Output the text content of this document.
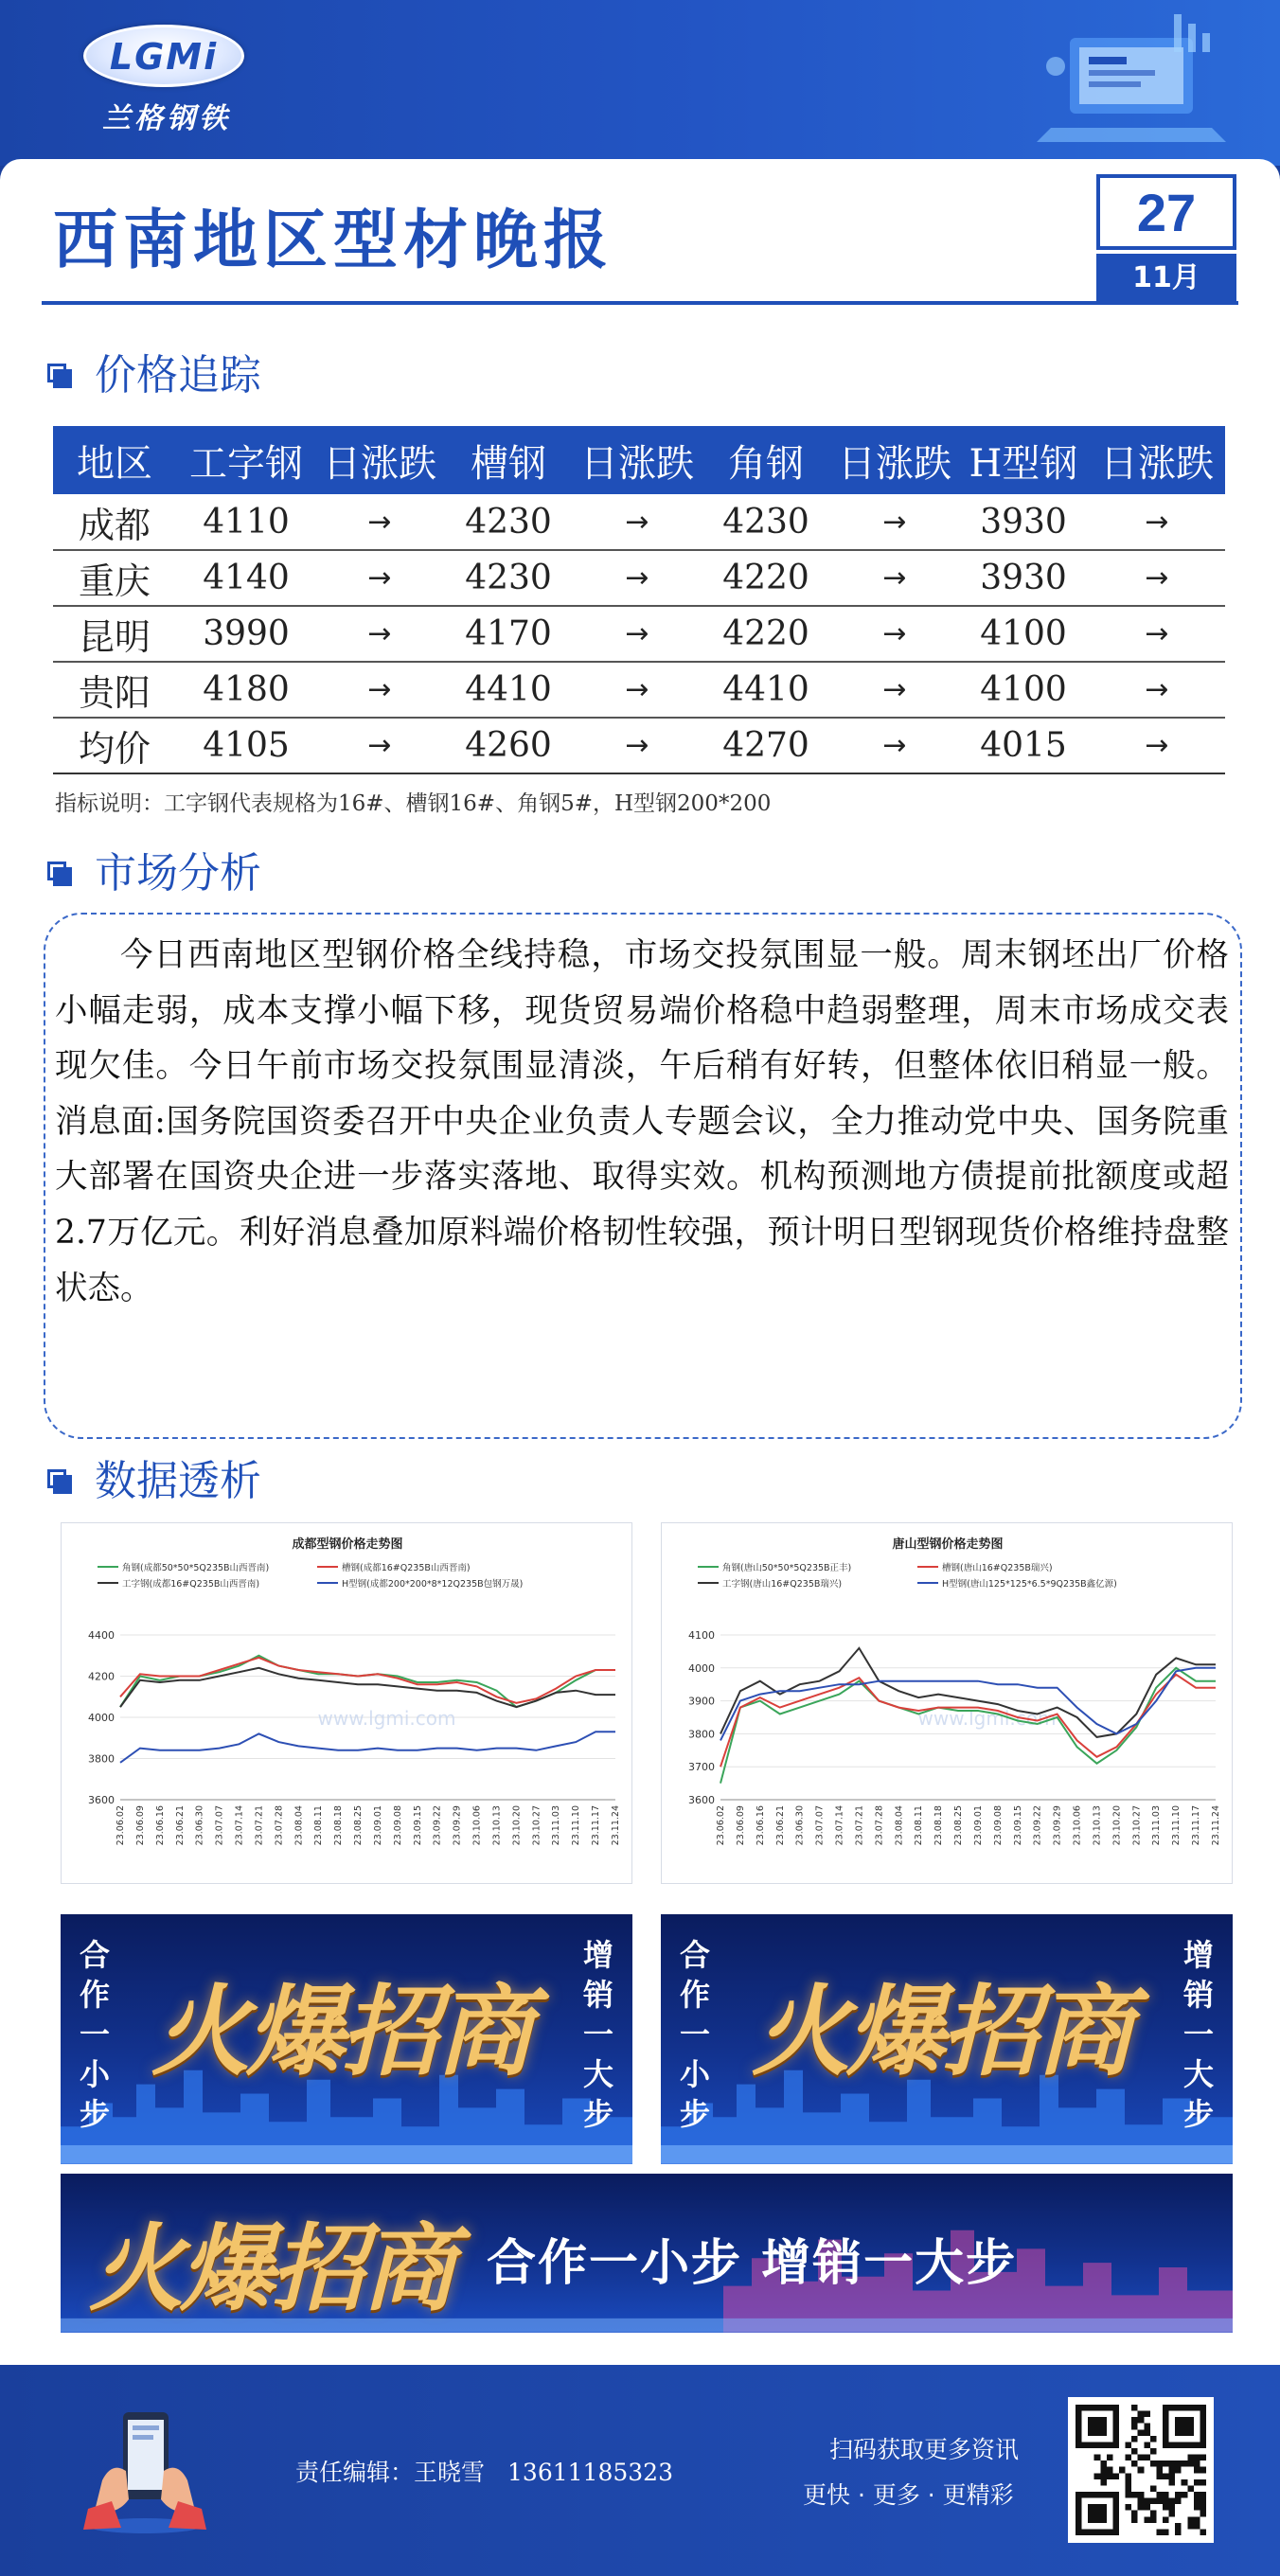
LGMi
兰格钢铁
西南地区型材晚报	27
11月
价格追踪
地区	工字钢	日涨跌	槽钢	日涨跌	角钢	日涨跌	H型钢	日涨跌
成都	4110	→	4230	→	4230	→	3930	→
重庆	4140	→	4230	→	4220	→	3930	→
昆明	3990	→	4170	→	4220	→	4100	→
贵阳	4180	→	4410	→	4410	→	4100	→
均价	4105	→	4260	→	4270	→	4015	→
指标说明：工字钢代表规格为16#、槽钢16#、角钢5#，H型钢200*200
市场分析

今日西南地区型钢价格全线持稳，市场交投氛围显一般。周末钢坯出厂价格小幅走弱，成本支撑小幅下移，现货贸易端价格稳中趋弱整理，周末市场成交表现欠佳。今日午前市场交投氛围显清淡，午后稍有好转，但整体依旧稍显一般。消息面:国务院国资委召开中央企业负责人专题会议，全力推动党中央、国务院重大部署在国资央企进一步落实落地、取得实效。机构预测地方债提前批额度或超2.7万亿元。利好消息叠加原料端价格韧性较强，预计明日型钢现货价格维持盘整状态。

数据透析
成都型钢价格走势图
角钢(成都50*50*5Q235B山西晋南)	槽钢(成都16#Q235B山西晋南)
工字钢(成都16#Q235B山西晋南)	H型钢(成都200*200*8*12Q235B包钢万晟)
3600
3800
4000
4200
4400
www.lgmi.com
23.06.02 23.06.09 23.06.16 23.06.21 23.06.30 23.07.07 23.07.14 23.07.21 23.07.28 23.08.04 23.08.11 23.08.18 23.08.25 23.09.01 23.09.08 23.09.15 23.09.22 23.09.29 23.10.06 23.10.13 23.10.20 23.10.27 23.11.03 23.11.10 23.11.17 23.11.24
唐山型钢价格走势图
角钢(唐山50*50*5Q235B正丰)	槽钢(唐山16#Q235B瑞兴)
工字钢(唐山16#Q235B瑞兴)	H型钢(唐山125*125*6.5*9Q235B鑫亿源)
3600
3700
3800
3900
4000
4100
www.lgmi.com
23.06.02 23.06.09 23.06.16 23.06.21 23.06.30 23.07.07 23.07.14 23.07.21 23.07.28 23.08.04 23.08.11 23.08.18 23.08.25 23.09.01 23.09.08 23.09.15 23.09.22 23.09.29 23.10.06 23.10.13 23.10.20 23.10.27 23.11.03 23.11.10 23.11.17 23.11.24
合作一小步
火爆招商
增销一大步
合作一小步
火爆招商
增销一大步
火爆招商 合作一小步 增销一大步
责任编辑：王晓雪 13611185323
扫码获取更多资讯
更快 · 更多 · 更精彩
